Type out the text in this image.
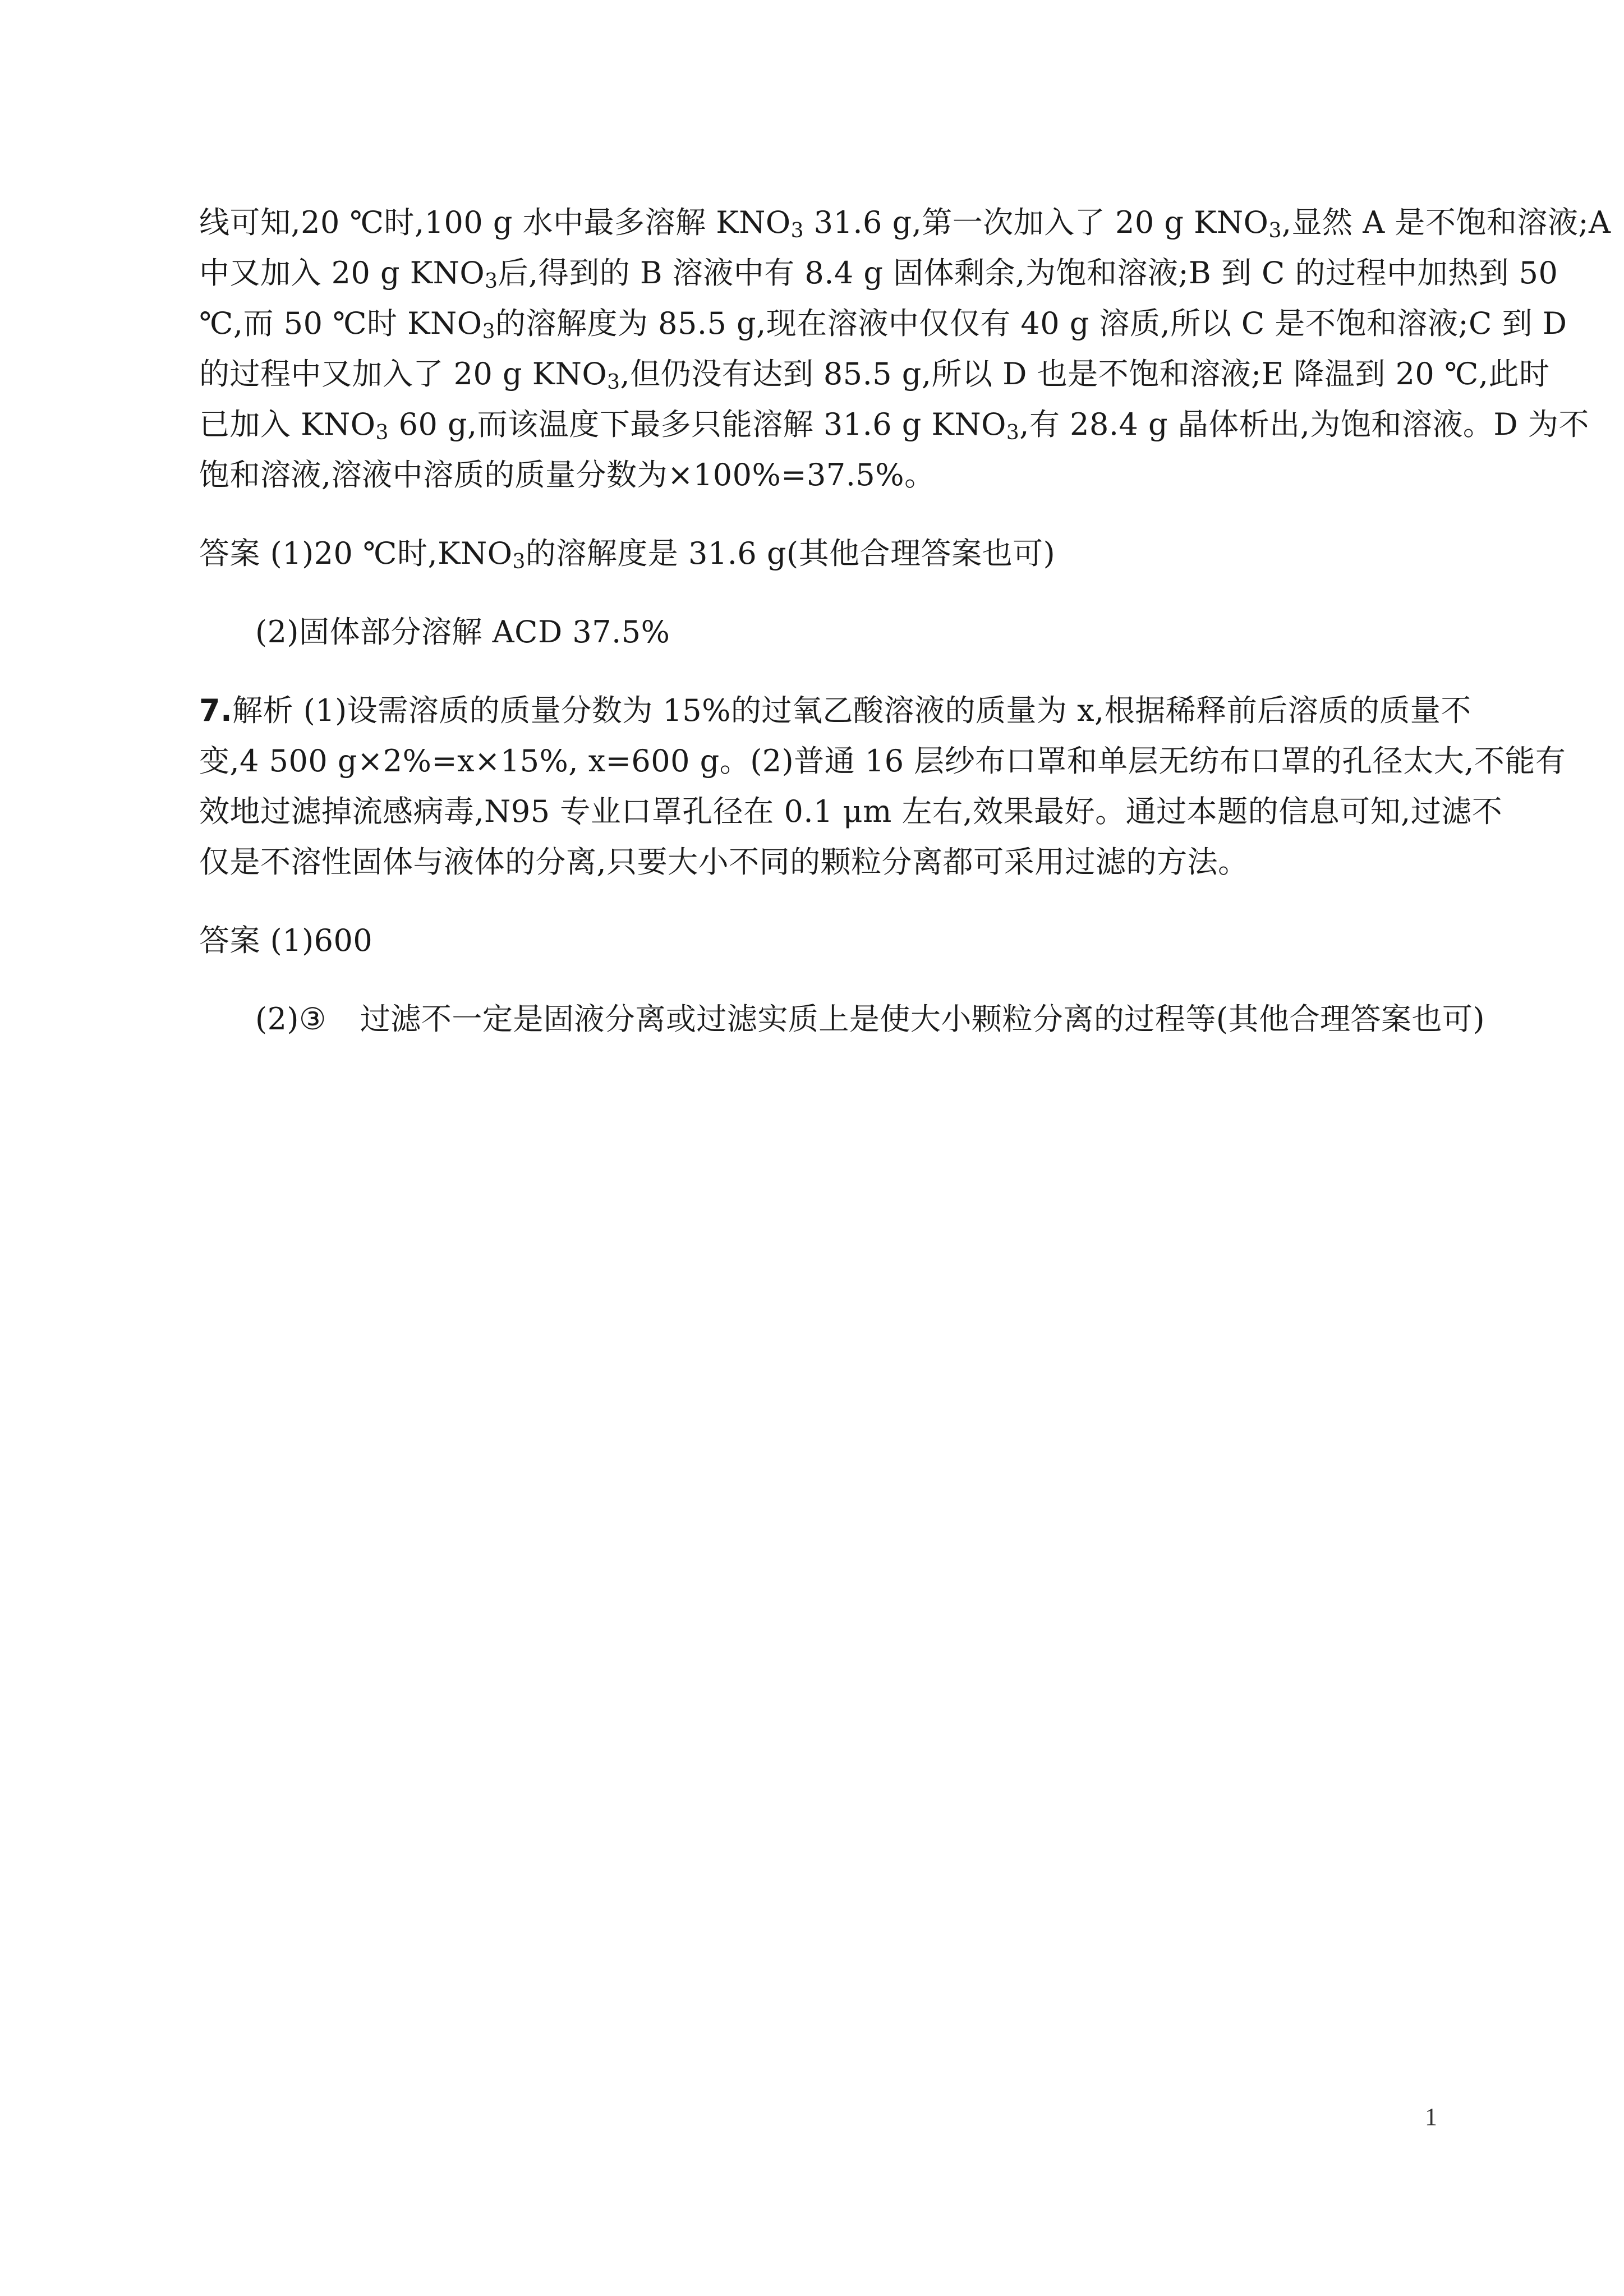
线可知,20 ℃时,100 g 水中最多溶解 $KNO_3$ 31.6 g,第一次加入了 20 g $KNO_3$,显然 A 是不饱和溶液;A
中又加入 20 g $KNO_3$后,得到的 B 溶液中有 8.4 g 固体剩余,为饱和溶液;B 到 C 的过程中加热到 50
℃,而 50 ℃时 $KNO_3$的溶解度为 85.5 g,现在溶液中仅仅有 40 g 溶质,所以 C 是不饱和溶液;C 到 D
的过程中又加入了 20 g $KNO_3$,但仍没有达到 85.5 g,所以 D 也是不饱和溶液;E 降温到 20 ℃,此时
已加入 $KNO_3$ 60 g,而该温度下最多只能溶解 31.6 g $KNO_3$,有 28.4 g 晶体析出,为饱和溶液。D 为不
饱和溶液,溶液中溶质的质量分数为×100%=37.5%。
答案 (1)20 ℃时$,KNO_3$的溶解度是 31.6 g(其他合理答案也可)
(2)固体部分溶解 ACD 37.5%
7.解析 (1)设需溶质的质量分数为 15%的过氧乙酸溶液的质量为 x,根据稀释前后溶质的质量不
变,4 500 g×2%=x×15%, x=600 g。(2)普通 16 层纱布口罩和单层无纺布口罩的孔径太大,不能有
效地过滤掉流感病毒,N95 专业口罩孔径在 0.1 μm 左右,效果最好。通过本题的信息可知,过滤不
仅是不溶性固体与液体的分离,只要大小不同的颗粒分离都可采用过滤的方法。
答案 (1)600
(2)③ 过滤不一定是固液分离或过滤实质上是使大小颗粒分离的过程等(其他合理答案也可)
1
